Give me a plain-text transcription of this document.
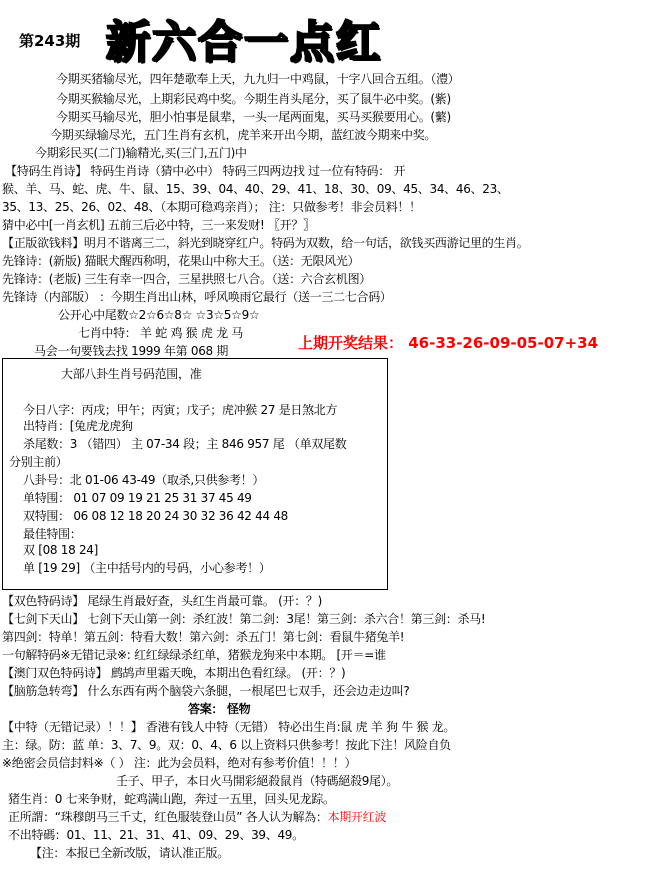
第243期 新六合一点红
今期买猪输尽光，四年楚歌奉上天，九九归一中鸡鼠，十字八回合五组。（澧）
今期买猴输尽光，上期彩民鸡中奖。今期生肖头尾分，买了鼠牛必中奖。(紫)
今期买马输尽光，胆小怕事是鼠辈，一头一尾两面鬼，买马买猴要用心。(蘩)
今期买绿输尽光，五门生肖有玄机，虎羊来开出今期，蓝红波今期来中奖。
今期彩民买(二门)输精光,买(三门,五门)中
【特码生肖诗】 特码生肖诗（猜中必中） 特码三四两边找 过一位有特码： 开
猴、羊、马、蛇、虎、牛、鼠、15、39、04、40、29、41、18、30、09、45、34、46、23、
35、13、25、26、02、48、（本期可稳鸡亲肖）； 注：只做参考！非会员料！！
猜中必中[一肖玄机] 五前三后必中特，三一来发财! 〖开？〗
【正版欲钱料】明月不谐离三二，斜光到晓穿红户。特码为双数，给一句话，欲钱买西游记里的生肖。
先锋诗：(新版) 猫眠犬醒西称明，花果山中称大王。（送：无限风光）
先锋诗：(老版) 三生有幸一四合，三星拱照七八合。（送：六合玄机图）
先锋诗（内部版） ：今期生肖出山林，呼风唤雨它最行（送一三二七合码）
公开心中尾数☆2☆6☆8☆ ☆3☆5☆9☆
七肖中特： 羊 蛇 鸡 猴 虎 龙 马
马会一句要钱去找 1999 年第 068 期	上期开奖结果： 46-33-26-09-05-07+34
大部八卦生肖号码范围，准
今日八字：丙戌；甲午；丙寅；戊子；虎冲猴 27 是日煞北方
出特肖：[兔虎龙虎狗
杀尾数：3 （错四） 主 07-34 段；主 846 957 尾 （单双尾数
分别主前）
八卦号：北 01-06 43-49（取杀,只供参考！）
单特围： 01 07 09 19 21 25 31 37 45 49
双特围： 06 08 12 18 20 24 30 32 36 42 44 48
最佳特围：
双 [08 18 24]
单 [19 29] （主中括号内的号码，小心参考！）
【双色特码诗】 尾绿生肖最好查，头红生肖最可靠。 (开：？)
【七剑下天山】 七剑下天山第一剑：杀红波！第二剑：3尾！第三剑：杀六合！第三剑：杀马!
第四剑：特单！第五剑：特看大数！第六剑：杀五门！第七剑：看鼠牛猪兔羊!
一句解特码※无错记录※: 红红绿绿杀红单，猪猴龙狗来中本期。 [开＝=谁
【澳门双色特码诗】 鹧鸪声里霜天晚，本期出色看红绿。 (开：？)
【脑筋急转弯】 什么东西有两个脑袋六条腿，一根尾巴七双手，还会边走边叫?
答案： 怪物
【中特（无错记录）！！】 香港有钱人中特（无错） 特必出生肖:鼠 虎 羊 狗 牛 猴 龙。
主：绿。防：蓝 单：3、7、9。双：0、4、6 以上资料只供参考！按此下注！风险自负
※绝密会员信封料※（ ） 注：此为会员料，绝对有参考价值！！！）
壬子、甲子，本日火马開彩絕殺鼠肖（特碼絕殺9尾）。
猪生肖：0 七来争财，蛇鸡满山跑，奔过一五里，回头见龙踪。
正所謂：“珠穆朗马三千丈，红色服装登山员” 各人认为解為：本期开红波
不出特碼：01、11、21、31、41、09、29、39、49。
【注：本报已全新改版，请认准正版。
